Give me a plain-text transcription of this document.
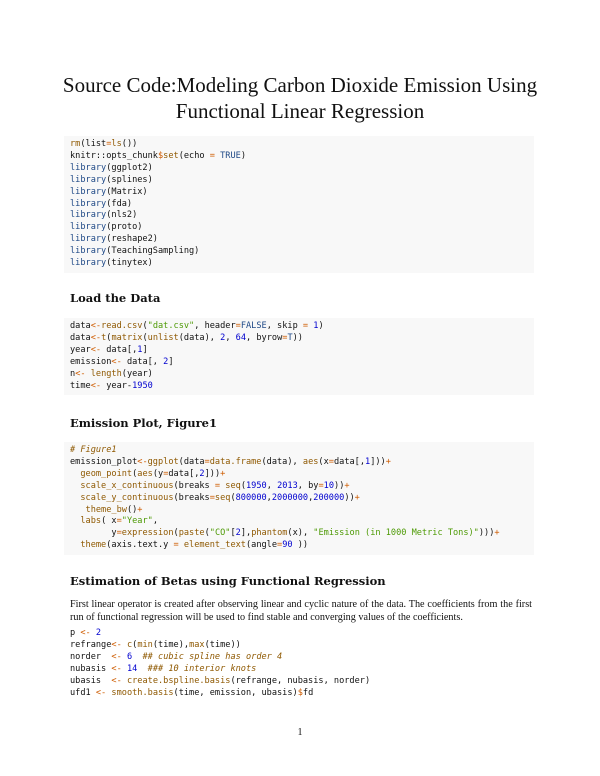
Source Code:Modeling Carbon Dioxide Emission Using
Functional Linear Regression
rm(list=ls())
knitr::opts_chunk$set(echo = TRUE)
library(ggplot2)
library(splines)
library(Matrix)
library(fda)
library(nls2)
library(proto)
library(reshape2)
library(TeachingSampling)
library(tinytex)
Load the Data
data<-read.csv("dat.csv", header=FALSE, skip = 1)
data<-t(matrix(unlist(data), 2, 64, byrow=T))
year<- data[,1]
emission<- data[, 2]
n<- length(year)
time<- year-1950
Emission Plot, Figure1
# Figure1
emission_plot<-ggplot(data=data.frame(data), aes(x=data[,1]))+
geom_point(aes(y=data[,2]))+
scale_x_continuous(breaks = seq(1950, 2013, by=10))+
scale_y_continuous(breaks=seq(800000,2000000,200000))+
theme_bw()+
labs( x="Year",
y=expression(paste("CO"[2],phantom(x), "Emission (in 1000 Metric Tons)")))+
theme(axis.text.y = element_text(angle=90 ))
Estimation of Betas using Functional Regression
First linear operator is created after observing linear and cyclic nature of the data. The coefficients from the first run of functional regression will be used to find stable and converging values of the coefficients.
p <- 2
refrange<- c(min(time),max(time))
norder  <- 6 ## cubic spline has order 4
nubasis <- 14 ### 10 interior knots
ubasis  <- create.bspline.basis(refrange, nubasis, norder)
ufd1 <- smooth.basis(time, emission, ubasis)$fd
1
